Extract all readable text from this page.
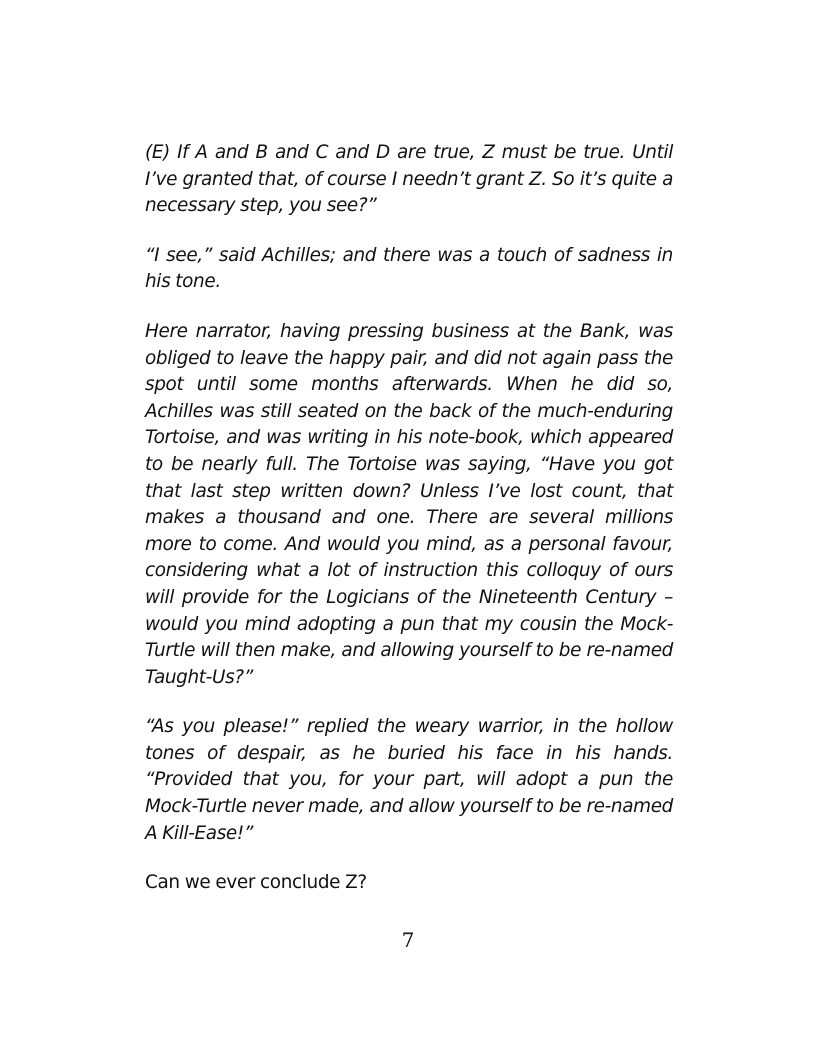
(E) If A and B and C and D are true, Z must be true. Until I’ve granted that, of course I needn’t grant Z. So it’s quite a necessary step, you see?”

“I see,” said Achilles; and there was a touch of sadness in his tone.

Here narrator, having pressing business at the Bank, was obliged to leave the happy pair, and did not again pass the spot until some months afterwards. When he did so, Achilles was still seated on the back of the much-enduring Tortoise, and was writing in his note-book, which appeared to be nearly full. The Tortoise was saying, “Have you got that last step written down? Unless I’ve lost count, that makes a thousand and one. There are several millions more to come. And would you mind, as a personal favour, considering what a lot of instruction this colloquy of ours will provide for the Logicians of the Nineteenth Century – would you mind adopting a pun that my cousin the Mock-Turtle will then make, and allowing yourself to be re-named Taught-Us?”

“As you please!” replied the weary warrior, in the hollow tones of despair, as he buried his face in his hands. “Provided that you, for your part, will adopt a pun the Mock-Turtle never made, and allow yourself to be re-named A Kill-Ease!”

Can we ever conclude Z?

7
